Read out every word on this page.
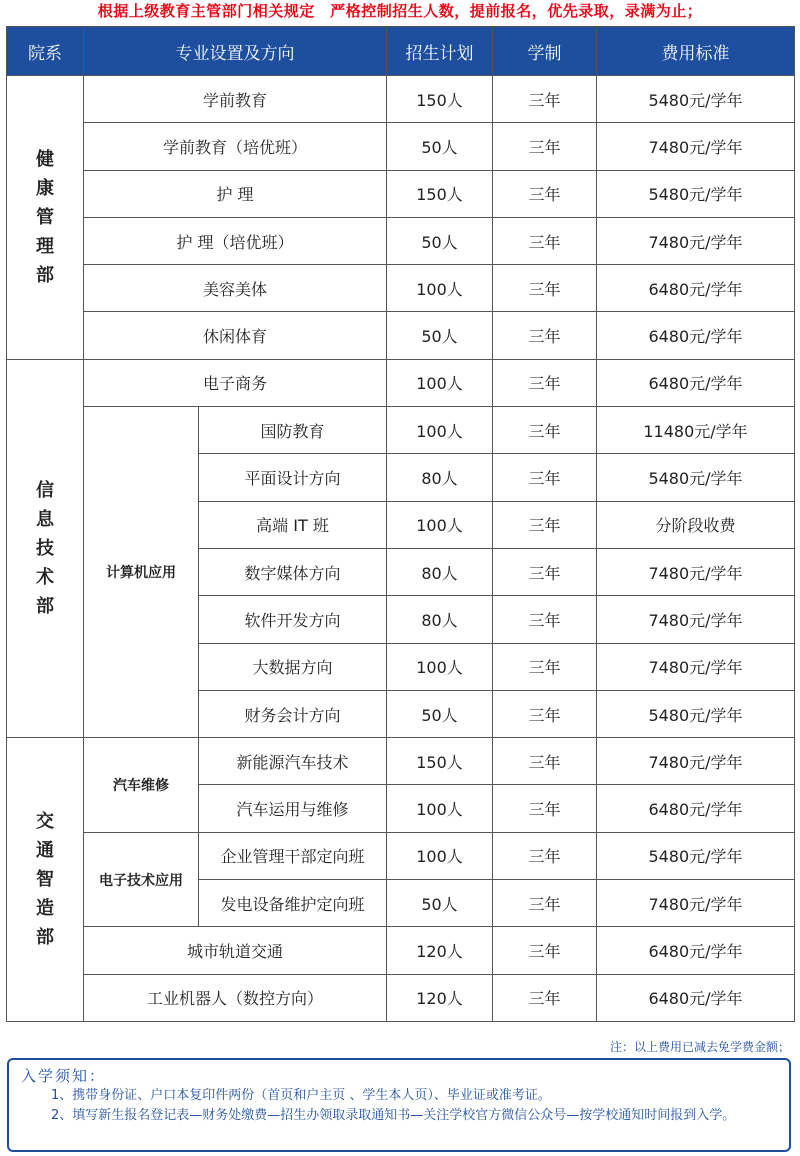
根据上级教育主管部门相关规定　严格控制招生人数，提前报名，优先录取，录满为止；
院系	专业设置及方向		招生计划	学制	费用标准

健
康
管
理
部	学前教育		150人	三年	5480元/学年
	学前教育（培优班）		50人	三年	7480元/学年
	护 理		150人	三年	5480元/学年
	护 理（培优班）		50人	三年	7480元/学年
	美容美体		100人	三年	6480元/学年
	休闲体育		50人	三年	6480元/学年

信
息
技
术
部	电子商务		100人	三年	6480元/学年
	计算机应用	国防教育	100人	三年	11480元/学年
		平面设计方向	80人	三年	5480元/学年
		高端 IT 班	100人	三年	分阶段收费
		数字媒体方向	80人	三年	7480元/学年
		软件开发方向	80人	三年	7480元/学年
		大数据方向	100人	三年	7480元/学年
		财务会计方向	50人	三年	5480元/学年

交
通
智
造
部	汽车维修	新能源汽车技术	150人	三年	7480元/学年
		汽车运用与维修	100人	三年	6480元/学年
	电子技术应用	企业管理干部定向班	100人	三年	5480元/学年
		发电设备维护定向班	50人	三年	7480元/学年
	城市轨道交通		120人	三年	6480元/学年
	工业机器人（数控方向）		120人	三年	6480元/学年
注：以上费用已减去免学费金额；
入学须知：
1、携带身份证、户口本复印件两份（首页和户主页 、学生本人页）、毕业证或准考证。
2、填写新生报名登记表—财务处缴费—招生办领取录取通知书—关注学校官方微信公众号—按学校通知时间报到入学。
